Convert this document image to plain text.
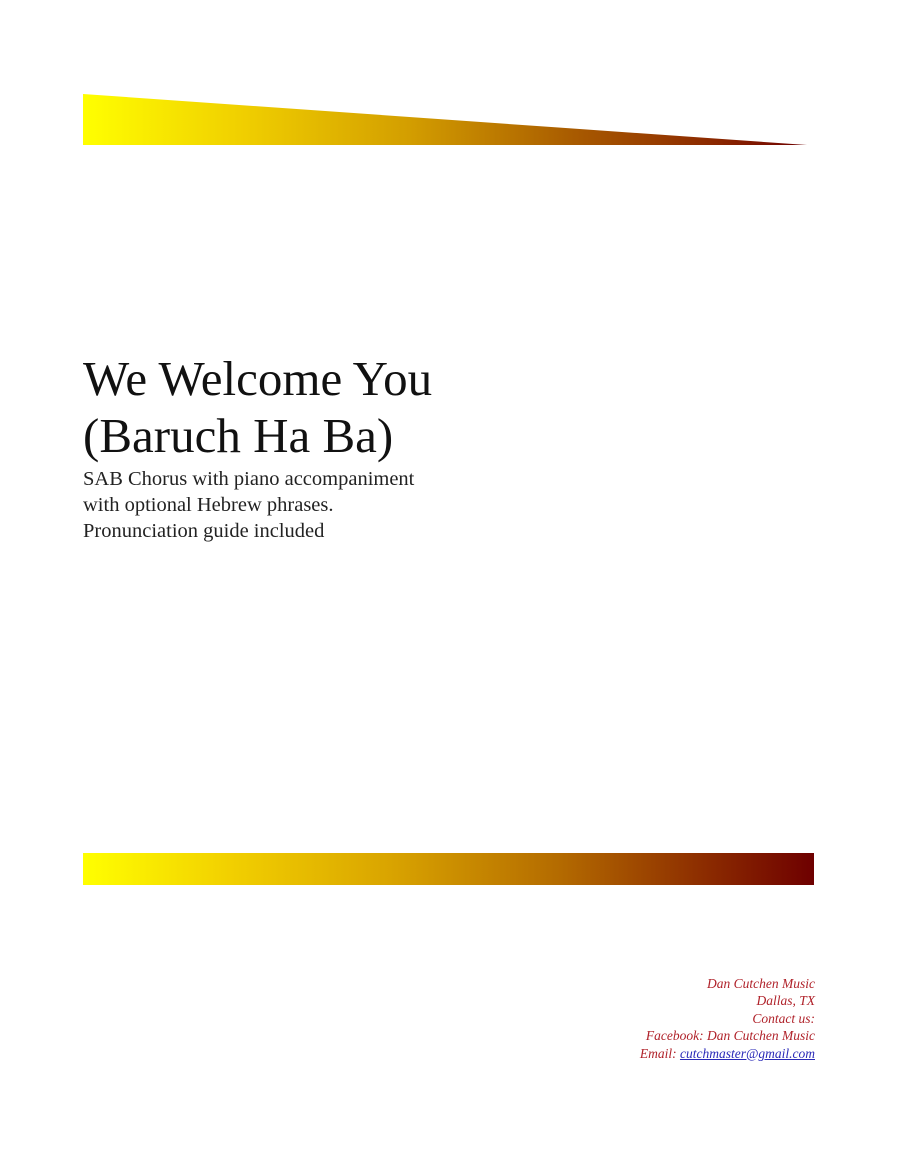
We Welcome You
(Baruch Ha Ba)
SAB Chorus with piano accompaniment
with optional Hebrew phrases.
Pronunciation guide included
Dan Cutchen Music
Dallas, TX
Contact us:
Facebook: Dan Cutchen Music
Email: cutchmaster@gmail.com
